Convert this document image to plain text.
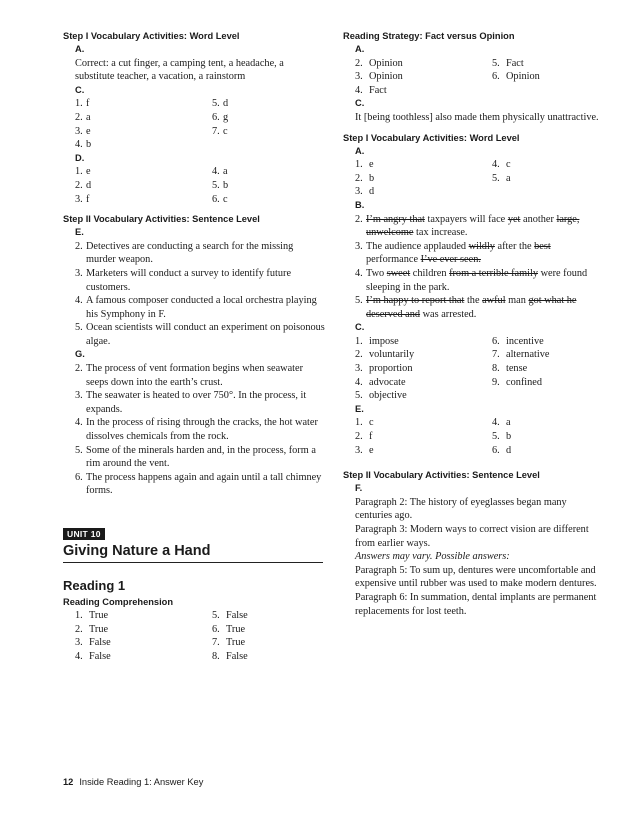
Step I Vocabulary Activities: Word Level
A.
Correct: a cut finger, a camping tent, a headache, a substitute teacher, a vacation, a rainstorm
C.
1. f	5. d
2. a	6. g
3. e	7. c
4. b
D.
1. e	4. a
2. d	5. b
3. f	6. c
Step II Vocabulary Activities: Sentence Level
E.
2. Detectives are conducting a search for the missing murder weapon.
3. Marketers will conduct a survey to identify future customers.
4. A famous composer conducted a local orchestra playing his Symphony in F.
5. Ocean scientists will conduct an experiment on poisonous algae.
G.
2. The process of vent formation begins when seawater seeps down into the earth’s crust.
3. The seawater is heated to over 750°. In the process, it expands.
4. In the process of rising through the cracks, the hot water dissolves chemicals from the rock.
5. Some of the minerals harden and, in the process, form a rim around the vent.
6. The process happens again and again until a tall chimney forms.
UNIT 10
Giving Nature a Hand
Reading 1
Reading Comprehension
1. True	5. False
2. True	6. True
3. False	7. True
4. False	8. False
Reading Strategy: Fact versus Opinion
A.
2. Opinion	5. Fact
3. Opinion	6. Opinion
4. Fact
C.
It [being toothless] also made them physically unattractive.
Step I Vocabulary Activities: Word Level
A.
1. e	4. c
2. b	5. a
3. d
B.
2. I’m angry that taxpayers will face yet another large, unwelcome tax increase.
3. The audience applauded wildly after the best performance I’ve ever seen.
4. Two sweet children from a terrible family were found sleeping in the park.
5. I’m happy to report that the awful man got what he deserved and was arrested.
C.
1. impose	6. incentive
2. voluntarily	7. alternative
3. proportion	8. tense
4. advocate	9. confined
5. objective
E.
1. c	4. a
2. f	5. b
3. e	6. d
Step II Vocabulary Activities: Sentence Level
F.
Paragraph 2: The history of eyeglasses began many centuries ago.
Paragraph 3: Modern ways to correct vision are different from earlier ways.
Answers may vary. Possible answers:
Paragraph 5: To sum up, dentures were uncomfortable and expensive until rubber was used to make modern dentures.
Paragraph 6: In summation, dental implants are permanent replacements for lost teeth.
12 Inside Reading 1: Answer Key
